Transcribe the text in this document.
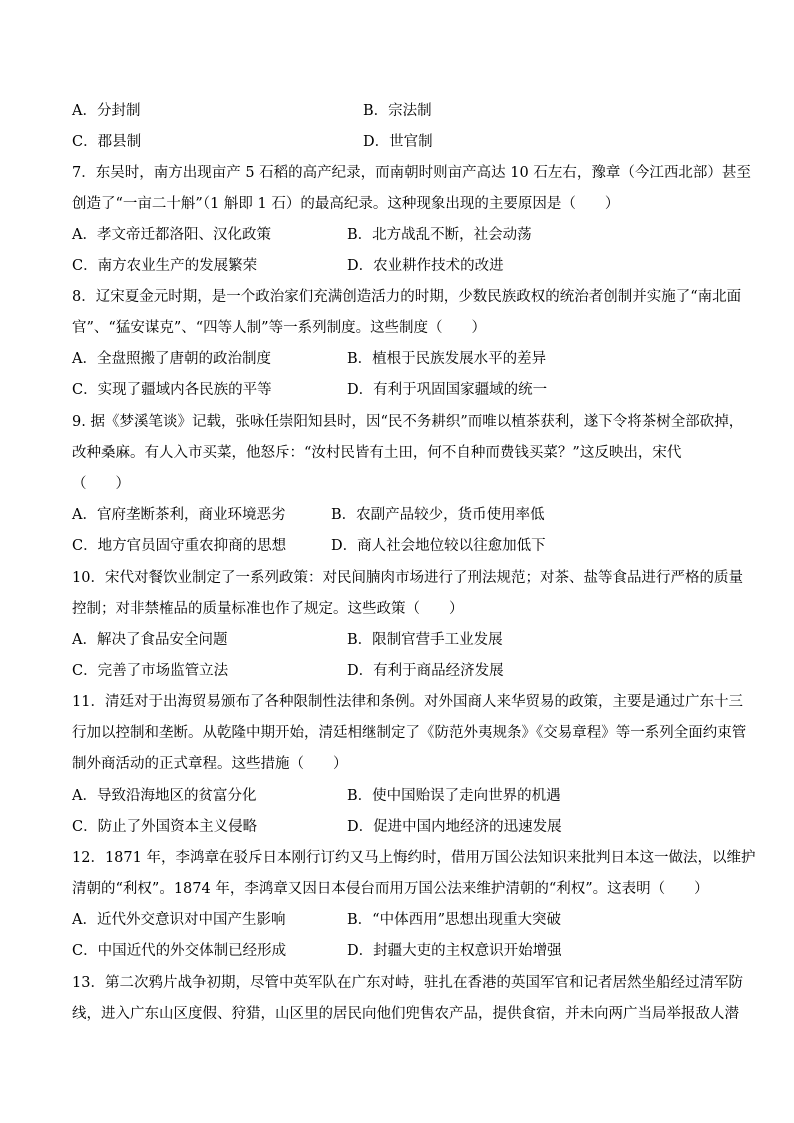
A．分封制	B．宗法制
C．郡县制	D．世官制
7．东吴时，南方出现亩产 5 石稻的高产纪录，而南朝时则亩产高达 10 石左右，豫章（今江西北部）甚至
创造了“一亩二十斛”（1 斛即 1 石）的最高纪录。这种现象出现的主要原因是（　　）
A．孝文帝迁都洛阳、汉化政策	B．北方战乱不断，社会动荡
C．南方农业生产的发展繁荣	D．农业耕作技术的改进
8．辽宋夏金元时期，是一个政治家们充满创造活力的时期，少数民族政权的统治者创制并实施了“南北面
官”、“猛安谋克”、“四等人制”等一系列制度。这些制度（　　）
A．全盘照搬了唐朝的政治制度	B．植根于民族发展水平的差异
C．实现了疆域内各民族的平等	D．有利于巩固国家疆域的统一
9. 据《梦溪笔谈》记载，张咏任崇阳知县时，因“民不务耕织”而唯以植茶获利，遂下令将茶树全部砍掉，
改种桑麻。有人入市买菜，他怒斥：“汝村民皆有土田，何不自种而费钱买菜？”这反映出，宋代
（　　）
A．官府垄断茶利，商业环境恶劣	B．农副产品较少，货币使用率低
C．地方官员固守重农抑商的思想	D．商人社会地位较以往愈加低下
10．宋代对餐饮业制定了一系列政策：对民间腩肉市场进行了刑法规范；对茶、盐等食品进行严格的质量
控制；对非禁榷品的质量标准也作了规定。这些政策（　　）
A．解决了食品安全问题	B．限制官营手工业发展
C．完善了市场监管立法	D．有利于商品经济发展
11．清廷对于出海贸易颁布了各种限制性法律和条例。对外国商人来华贸易的政策，主要是通过广东十三
行加以控制和垄断。从乾隆中期开始，清廷相继制定了《防范外夷规条》《交易章程》等一系列全面约束管
制外商活动的正式章程。这些措施（　　）
A．导致沿海地区的贫富分化	B．使中国贻误了走向世界的机遇
C．防止了外国资本主义侵略	D．促进中国内地经济的迅速发展
12．1871 年，李鸿章在驳斥日本刚行订约又马上悔约时，借用万国公法知识来批判日本这一做法，以维护
清朝的“利权”。1874 年，李鸿章又因日本侵台而用万国公法来维护清朝的“利权”。这表明（　　）
A．近代外交意识对中国产生影响	B．“中体西用”思想出现重大突破
C．中国近代的外交体制已经形成	D．封疆大吏的主权意识开始增强
13．第二次鸦片战争初期，尽管中英军队在广东对峙，驻扎在香港的英国军官和记者居然坐船经过清军防
线，进入广东山区度假、狩猎，山区里的居民向他们兜售农产品，提供食宿，并未向两广当局举报敌人潜
